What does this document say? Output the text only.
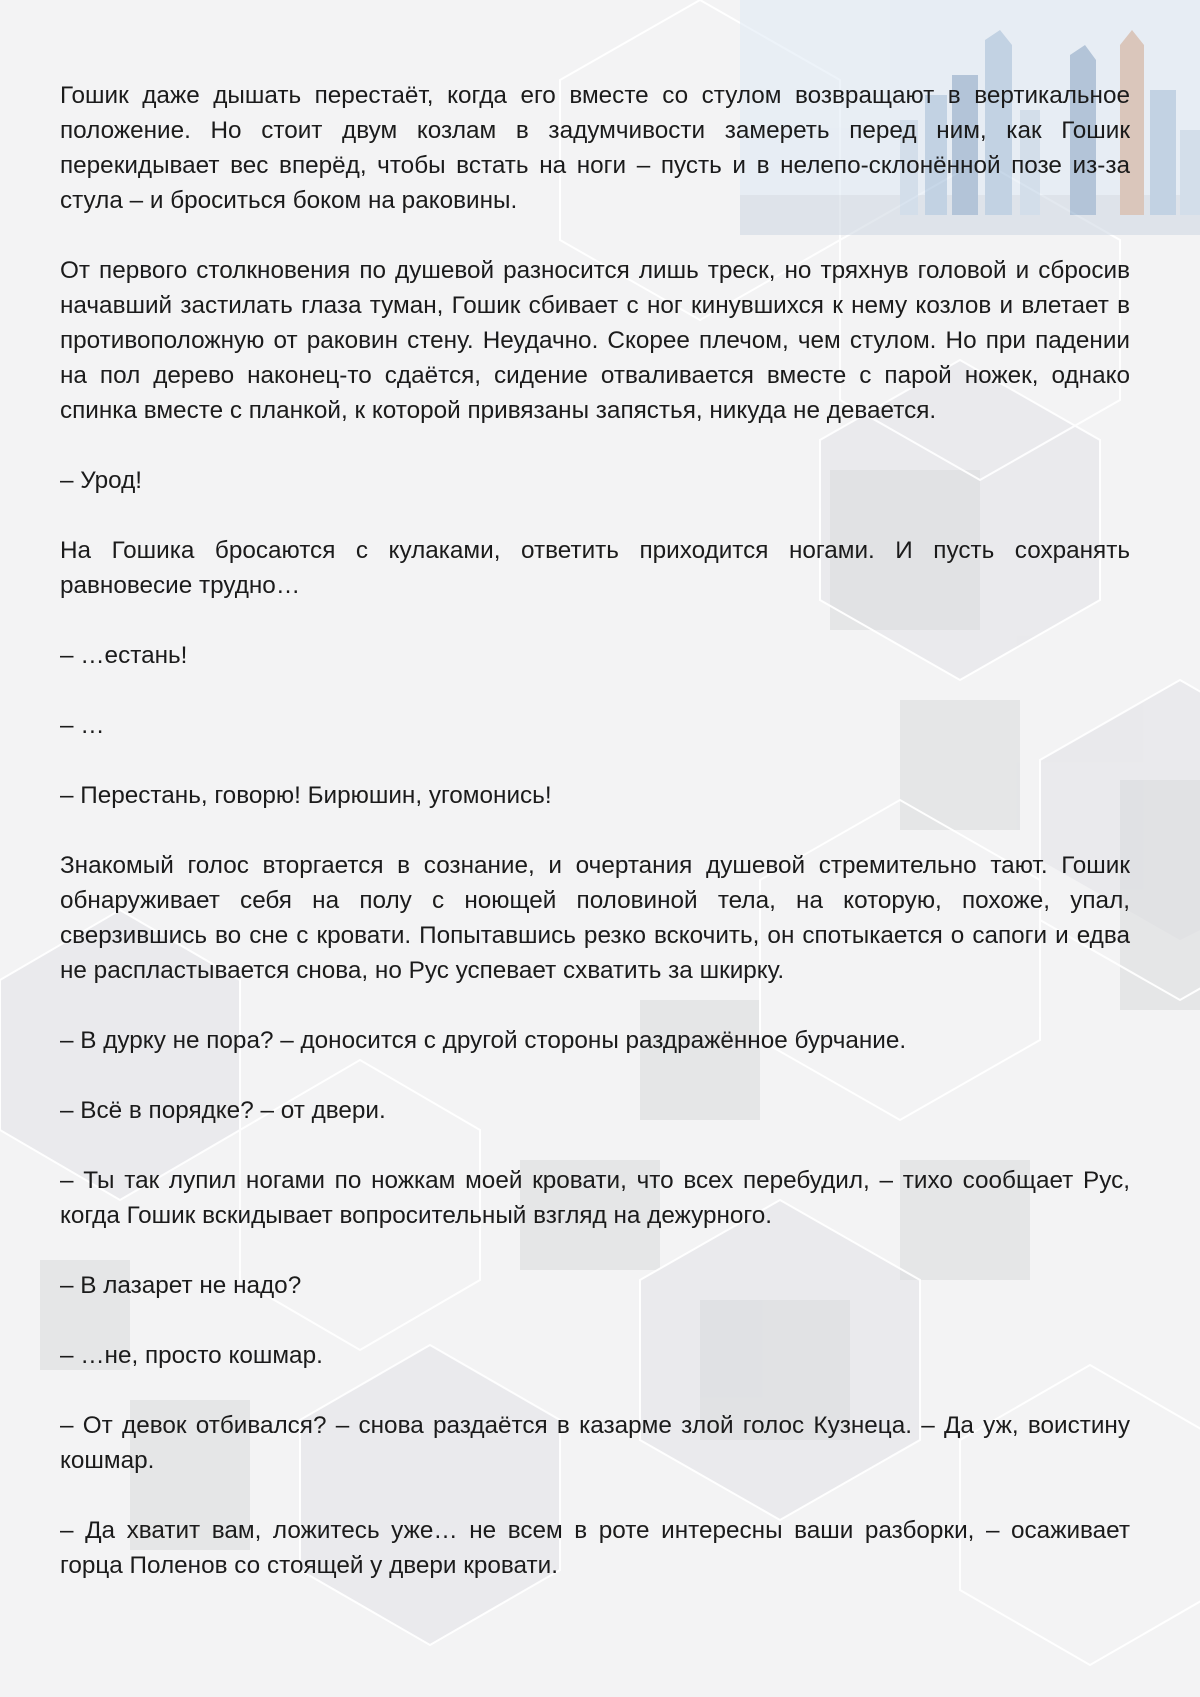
Гошик даже дышать перестаёт, когда его вместе со стулом возвращают в вертикальное положение. Но стоит двум козлам в задумчивости замереть перед ним, как Гошик перекидывает вес вперёд, чтобы встать на ноги – пусть и в нелепо-склонённой позе из-за стула – и броситься боком на раковины.

От первого столкновения по душевой разносится лишь треск, но тряхнув головой и сбросив начавший застилать глаза туман, Гошик сбивает с ног кинувшихся к нему козлов и влетает в противоположную от раковин стену. Неудачно. Скорее плечом, чем стулом. Но при падении на пол дерево наконец-то сдаётся, сидение отваливается вместе с парой ножек, однако спинка вместе с планкой, к которой привязаны запястья, никуда не девается.

– Урод!

На Гошика бросаются с кулаками, ответить приходится ногами. И пусть сохранять равновесие трудно…

– …естань!

– …

– Перестань, говорю! Бирюшин, угомонись!

Знакомый голос вторгается в сознание, и очертания душевой стремительно тают. Гошик обнаруживает себя на полу с ноющей половиной тела, на которую, похоже, упал, сверзившись во сне с кровати. Попытавшись резко вскочить, он спотыкается о сапоги и едва не распластывается снова, но Рус успевает схватить за шкирку.

– В дурку не пора? – доносится с другой стороны раздражённое бурчание.

– Всё в порядке? – от двери.

– Ты так лупил ногами по ножкам моей кровати, что всех перебудил, – тихо сообщает Рус, когда Гошик вскидывает вопросительный взгляд на дежурного.

– В лазарет не надо?

– …не, просто кошмар.

– От девок отбивался? – снова раздаётся в казарме злой голос Кузнеца. – Да уж, воистину кошмар.

– Да хватит вам, ложитесь уже… не всем в роте интересны ваши разборки, – осаживает горца Поленов со стоящей у двери кровати.
